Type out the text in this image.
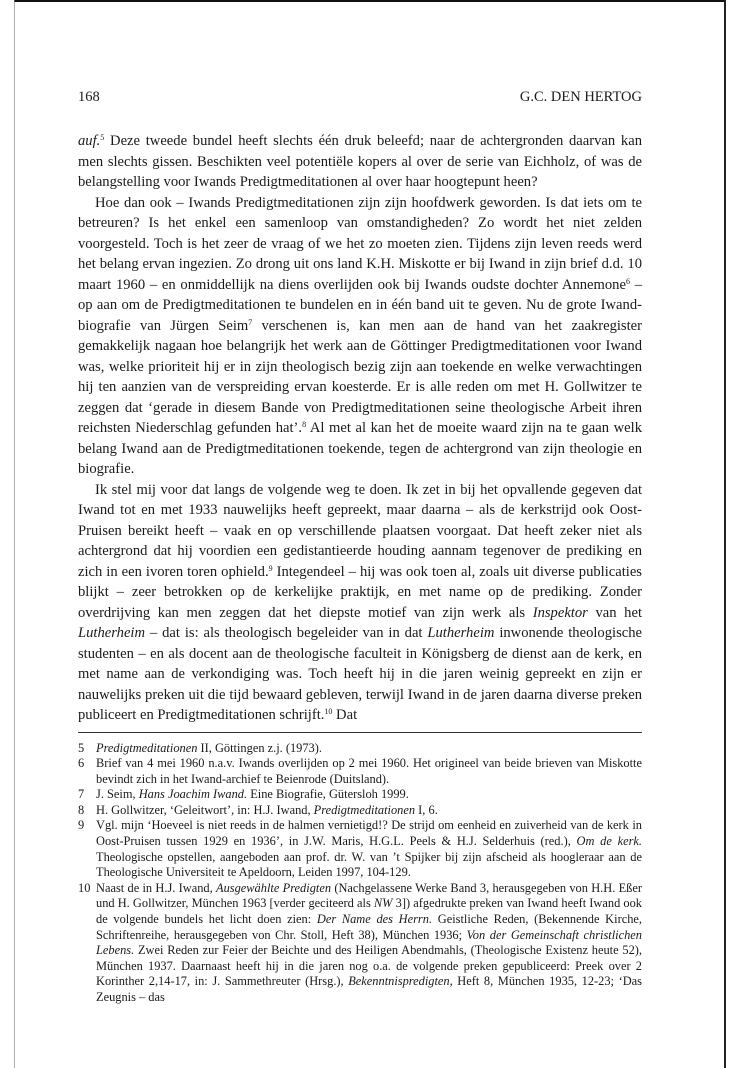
168	G.C. DEN HERTOG

auf.$^5$ Deze tweede bundel heeft slechts één druk beleefd; naar de achtergronden daarvan kan men slechts gissen. Beschikten veel potentiële kopers al over de serie van Eichholz, of was de belangstelling voor Iwands Predigtmeditationen al over haar hoogtepunt heen?

Hoe dan ook – Iwands Predigtmeditationen zijn zijn hoofdwerk geworden. Is dat iets om te betreuren? Is het enkel een samenloop van omstandigheden? Zo wordt het niet zelden voorgesteld. Toch is het zeer de vraag of we het zo moeten zien. Tijdens zijn leven reeds werd het belang ervan ingezien. Zo drong uit ons land K.H. Miskotte er bij Iwand in zijn brief d.d. 10 maart 1960 – en onmiddellijk na diens overlijden ook bij Iwands oudste dochter Annemone$^6$ – op aan om de Predigtmeditationen te bundelen en in één band uit te geven. Nu de grote Iwand-biografie van Jürgen Seim$^7$ verschenen is, kan men aan de hand van het zaakregister gemakkelijk nagaan hoe belangrijk het werk aan de Göttinger Predigtmeditationen voor Iwand was, welke prioriteit hij er in zijn theologisch bezig zijn aan toekende en welke verwachtingen hij ten aanzien van de verspreiding ervan koesterde. Er is alle reden om met H. Gollwitzer te zeggen dat ‘gerade in diesem Bande von Predigtmeditationen seine theologische Arbeit ihren reichsten Niederschlag gefunden hat’.$^8$ Al met al kan het de moeite waard zijn na te gaan welk belang Iwand aan de Predigtmeditationen toekende, tegen de achtergrond van zijn theologie en biografie.

Ik stel mij voor dat langs de volgende weg te doen. Ik zet in bij het opvallende gegeven dat Iwand tot en met 1933 nauwelijks heeft gepreekt, maar daarna – als de kerkstrijd ook Oost-Pruisen bereikt heeft – vaak en op verschillende plaatsen voorgaat. Dat heeft zeker niet als achtergrond dat hij voordien een gedistantieerde houding aannam tegenover de prediking en zich in een ivoren toren ophield.$^9$ Integendeel – hij was ook toen al, zoals uit diverse publicaties blijkt – zeer betrokken op de kerkelijke praktijk, en met name op de prediking. Zonder overdrijving kan men zeggen dat het diepste motief van zijn werk als Inspektor van het Lutherheim – dat is: als theologisch begeleider van in dat Lutherheim inwonende theologische studenten – en als docent aan de theologische faculteit in Königsberg de dienst aan de kerk, en met name aan de verkondiging was. Toch heeft hij in die jaren weinig gepreekt en zijn er nauwelijks preken uit die tijd bewaard gebleven, terwijl Iwand in de jaren daarna diverse preken publiceert en Predigtmeditationen schrijft.$^{10}$ Dat

5 Predigtmeditationen II, Göttingen z.j. (1973).
6 Brief van 4 mei 1960 n.a.v. Iwands overlijden op 2 mei 1960. Het origineel van beide brieven van Miskotte bevindt zich in het Iwand-archief te Beienrode (Duitsland).
7 J. Seim, Hans Joachim Iwand. Eine Biografie, Gütersloh 1999.
8 H. Gollwitzer, ‘Geleitwort’, in: H.J. Iwand, Predigtmeditationen I, 6.
9 Vgl. mijn ‘Hoeveel is niet reeds in de halmen vernietigd!? De strijd om eenheid en zuiverheid van de kerk in Oost-Pruisen tussen 1929 en 1936’, in J.W. Maris, H.G.L. Peels & H.J. Selderhuis (red.), Om de kerk. Theologische opstellen, aangeboden aan prof. dr. W. van ’t Spijker bij zijn afscheid als hoogleraar aan de Theologische Universiteit te Apeldoorn, Leiden 1997, 104-129.
10 Naast de in H.J. Iwand, Ausgewählte Predigten (Nachgelassene Werke Band 3, herausgegeben von H.H. Eßer und H. Gollwitzer, München 1963 [verder geciteerd als NW 3]) afgedrukte preken van Iwand heeft Iwand ook de volgende bundels het licht doen zien: Der Name des Herrn. Geistliche Reden, (Bekennende Kirche, Schriftenreihe, herausgegeben von Chr. Stoll, Heft 38), München 1936; Von der Gemeinschaft christlichen Lebens. Zwei Reden zur Feier der Beichte und des Heiligen Abendmahls, (Theologische Existenz heute 52), München 1937. Daarnaast heeft hij in die jaren nog o.a. de volgende preken gepubliceerd: Preek over 2 Korinther 2,14-17, in: J. Sammethreuter (Hrsg.), Bekenntnispredigten, Heft 8, München 1935, 12-23; ‘Das Zeugnis – das
